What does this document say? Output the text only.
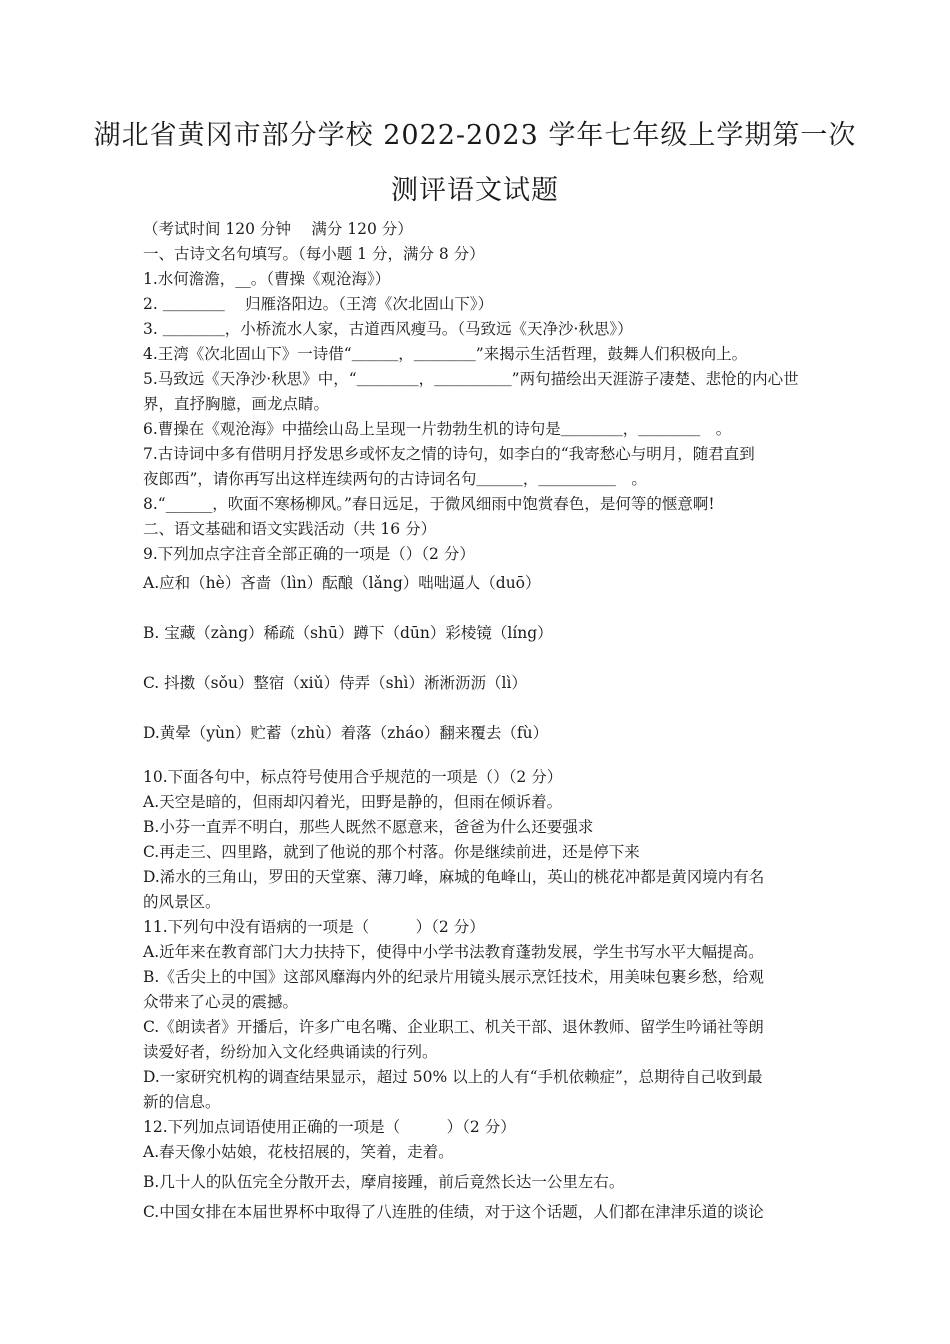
湖北省黄冈市部分学校 2022-2023 学年七年级上学期第一次
测评语文试题
（考试时间 120 分钟　 满分 120 分）
一、古诗文名句填写。（每小题 1 分，满分 8 分）
1.水何澹澹，__。（曹操《观沧海》）
2. ＿＿＿＿　 归雁洛阳边。（王湾《次北固山下》）
3. ＿＿＿＿，小桥流水人家，古道西风瘦马。（马致远《天净沙·秋思》）
4.王湾《次北固山下》一诗借“＿＿＿，＿＿＿＿”来揭示生活哲理，鼓舞人们积极向上。
5.马致远《天净沙·秋思》中，“＿＿＿＿，＿＿＿＿＿”两句描绘出天涯游子凄楚、悲怆的内心世
界，直抒胸臆，画龙点睛。
6.曹操在《观沧海》中描绘山岛上呈现一片勃勃生机的诗句是＿＿＿＿，＿＿＿＿　。
7.古诗词中多有借明月抒发思乡或怀友之情的诗句，如李白的“我寄愁心与明月，随君直到
夜郎西”，请你再写出这样连续两句的古诗词名句＿＿＿，＿＿＿＿＿　。
8.“______，吹面不寒杨柳风。”春日远足，于微风细雨中饱赏春色，是何等的惬意啊!
二、语文基础和语文实践活动（共 16 分）
9.下列加点字注音全部正确的一项是（）（2 分）
A.应和（hè）吝啬（lìn）酝酿（lǎng）咄咄逼人（duō）
B. 宝藏（zàng）稀疏（shū）蹲下（dūn）彩棱镜（líng）
C. 抖擞（sǒu）整宿（xiǔ）侍弄（shì）淅淅沥沥（lì）
D.黄晕（yùn）贮蓄（zhù）着落（zháo）翻来覆去（fù）
10.下面各句中，标点符号使用合乎规范的一项是（）（2 分）
A.天空是暗的，但雨却闪着光，田野是静的，但雨在倾诉着。
B.小芬一直弄不明白，那些人既然不愿意来，爸爸为什么还要强求
C.再走三、四里路，就到了他说的那个村落。你是继续前进，还是停下来
D.浠水的三角山，罗田的天堂寨、薄刀峰，麻城的龟峰山，英山的桃花冲都是黄冈境内有名
的风景区。
11.下列句中没有语病的一项是（　　　）（2 分）
A.近年来在教育部门大力扶持下，使得中小学书法教育蓬勃发展，学生书写水平大幅提高。
B.《舌尖上的中国》这部风靡海内外的纪录片用镜头展示烹饪技术，用美味包裹乡愁，给观
众带来了心灵的震撼。
C.《朗读者》开播后，许多广电名嘴、企业职工、机关干部、退休教师、留学生吟诵社等朗
读爱好者，纷纷加入文化经典诵读的行列。
D.一家研究机构的调查结果显示，超过 50% 以上的人有“手机依赖症”，总期待自己收到最
新的信息。
12.下列加点词语使用正确的一项是（　　　）（2 分）
A.春天像小姑娘，花枝招展的，笑着，走着。
B.几十人的队伍完全分散开去，摩肩接踵，前后竟然长达一公里左右。
C.中国女排在本届世界杯中取得了八连胜的佳绩，对于这个话题，人们都在津津乐道的谈论
